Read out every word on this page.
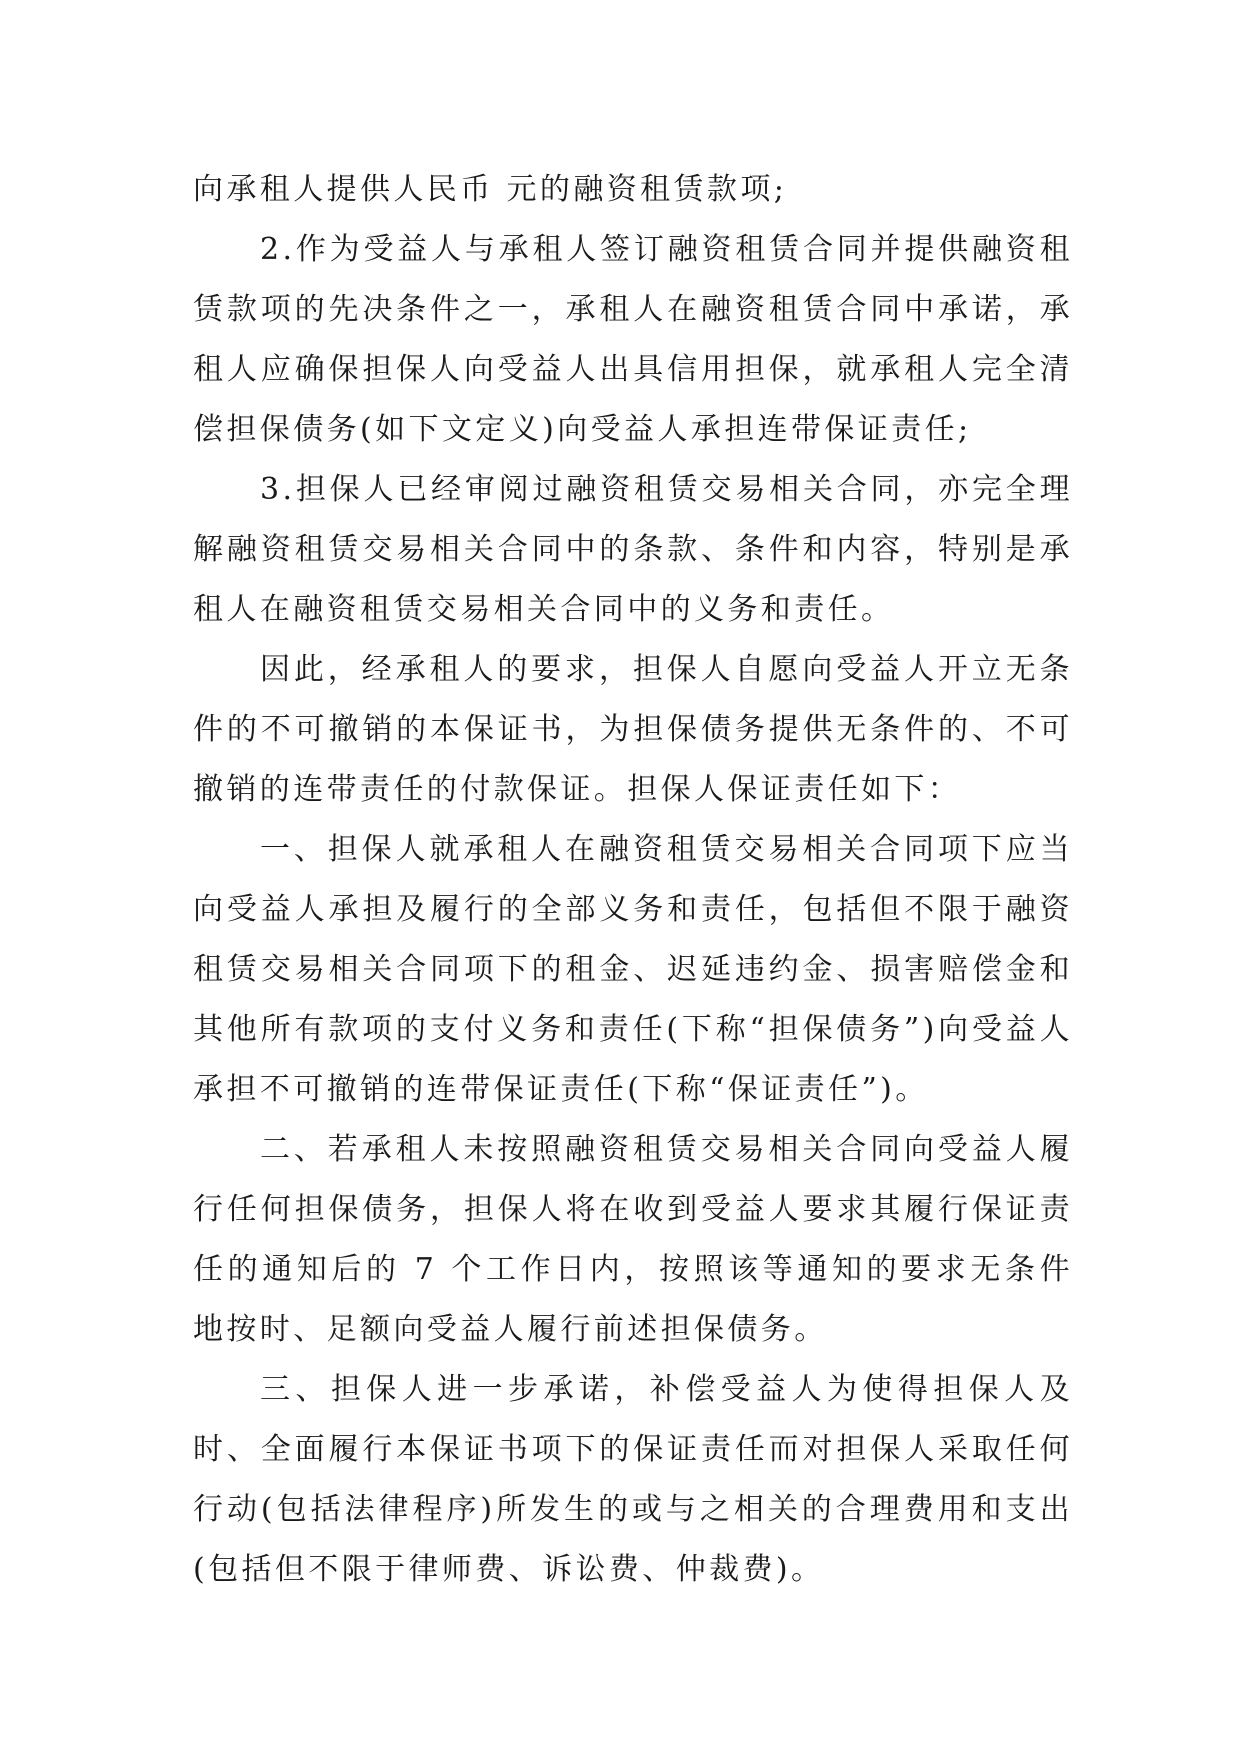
向承租人提供人民币 元的融资租赁款项;

2.作为受益人与承租人签订融资租赁合同并提供融资租赁款项的先决条件之一，承租人在融资租赁合同中承诺，承租人应确保担保人向受益人出具信用担保，就承租人完全清偿担保债务(如下文定义)向受益人承担连带保证责任;

3.担保人已经审阅过融资租赁交易相关合同，亦完全理解融资租赁交易相关合同中的条款、条件和内容，特别是承租人在融资租赁交易相关合同中的义务和责任。

因此，经承租人的要求，担保人自愿向受益人开立无条件的不可撤销的本保证书，为担保债务提供无条件的、不可撤销的连带责任的付款保证。担保人保证责任如下：

一、担保人就承租人在融资租赁交易相关合同项下应当向受益人承担及履行的全部义务和责任，包括但不限于融资租赁交易相关合同项下的租金、迟延违约金、损害赔偿金和其他所有款项的支付义务和责任(下称“担保债务”)向受益人承担不可撤销的连带保证责任(下称“保证责任”)。

二、若承租人未按照融资租赁交易相关合同向受益人履行任何担保债务，担保人将在收到受益人要求其履行保证责任的通知后的 7 个工作日内，按照该等通知的要求无条件地按时、足额向受益人履行前述担保债务。

三、担保人进一步承诺，补偿受益人为使得担保人及时、全面履行本保证书项下的保证责任而对担保人采取任何行动(包括法律程序)所发生的或与之相关的合理费用和支出(包括但不限于律师费、诉讼费、仲裁费)。
